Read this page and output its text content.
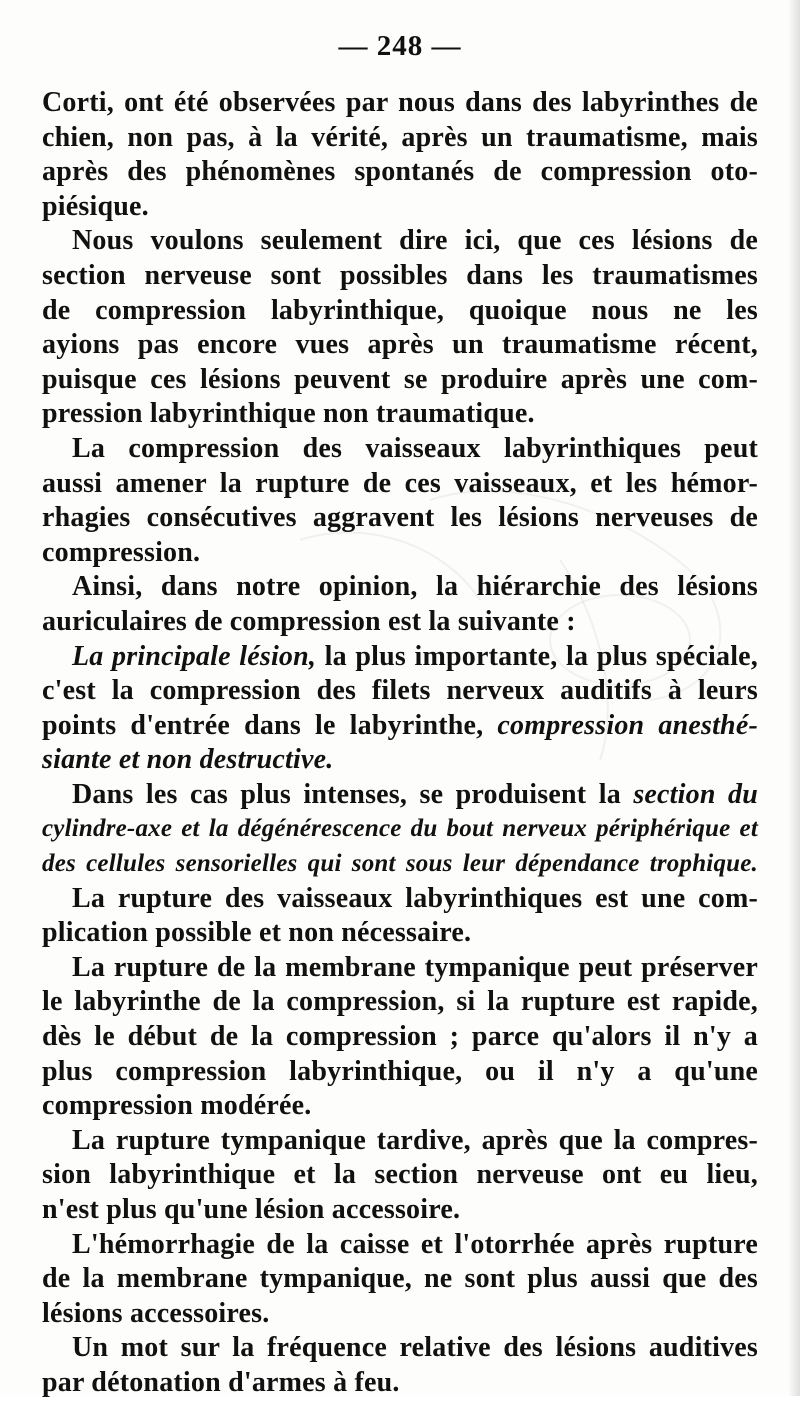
— 248 —
Corti, ont été observées par nous dans des labyrinthes de
chien, non pas, à la vérité, après un traumatisme, mais
après des phénomènes spontanés de compression oto-
piésique.
Nous voulons seulement dire ici, que ces lésions de
section nerveuse sont possibles dans les traumatismes
de compression labyrinthique, quoique nous ne les
ayions pas encore vues après un traumatisme récent,
puisque ces lésions peuvent se produire après une com-
pression labyrinthique non traumatique.
La compression des vaisseaux labyrinthiques peut
aussi amener la rupture de ces vaisseaux, et les hémor-
rhagies consécutives aggravent les lésions nerveuses de
compression.
Ainsi, dans notre opinion, la hiérarchie des lésions
auriculaires de compression est la suivante :
La principale lésion, la plus importante, la plus spéciale,
c'est la compression des filets nerveux auditifs à leurs
points d'entrée dans le labyrinthe, compression anesthé-
siante et non destructive.
Dans les cas plus intenses, se produisent la section du
cylindre-axe et la dégénérescence du bout nerveux périphérique et
des cellules sensorielles qui sont sous leur dépendance trophique.
La rupture des vaisseaux labyrinthiques est une com-
plication possible et non nécessaire.
La rupture de la membrane tympanique peut préserver
le labyrinthe de la compression, si la rupture est rapide,
dès le début de la compression ; parce qu'alors il n'y a
plus compression labyrinthique, ou il n'y a qu'une
compression modérée.
La rupture tympanique tardive, après que la compres-
sion labyrinthique et la section nerveuse ont eu lieu,
n'est plus qu'une lésion accessoire.
L'hémorrhagie de la caisse et l'otorrhée après rupture
de la membrane tympanique, ne sont plus aussi que des
lésions accessoires.
Un mot sur la fréquence relative des lésions auditives
par détonation d'armes à feu.
